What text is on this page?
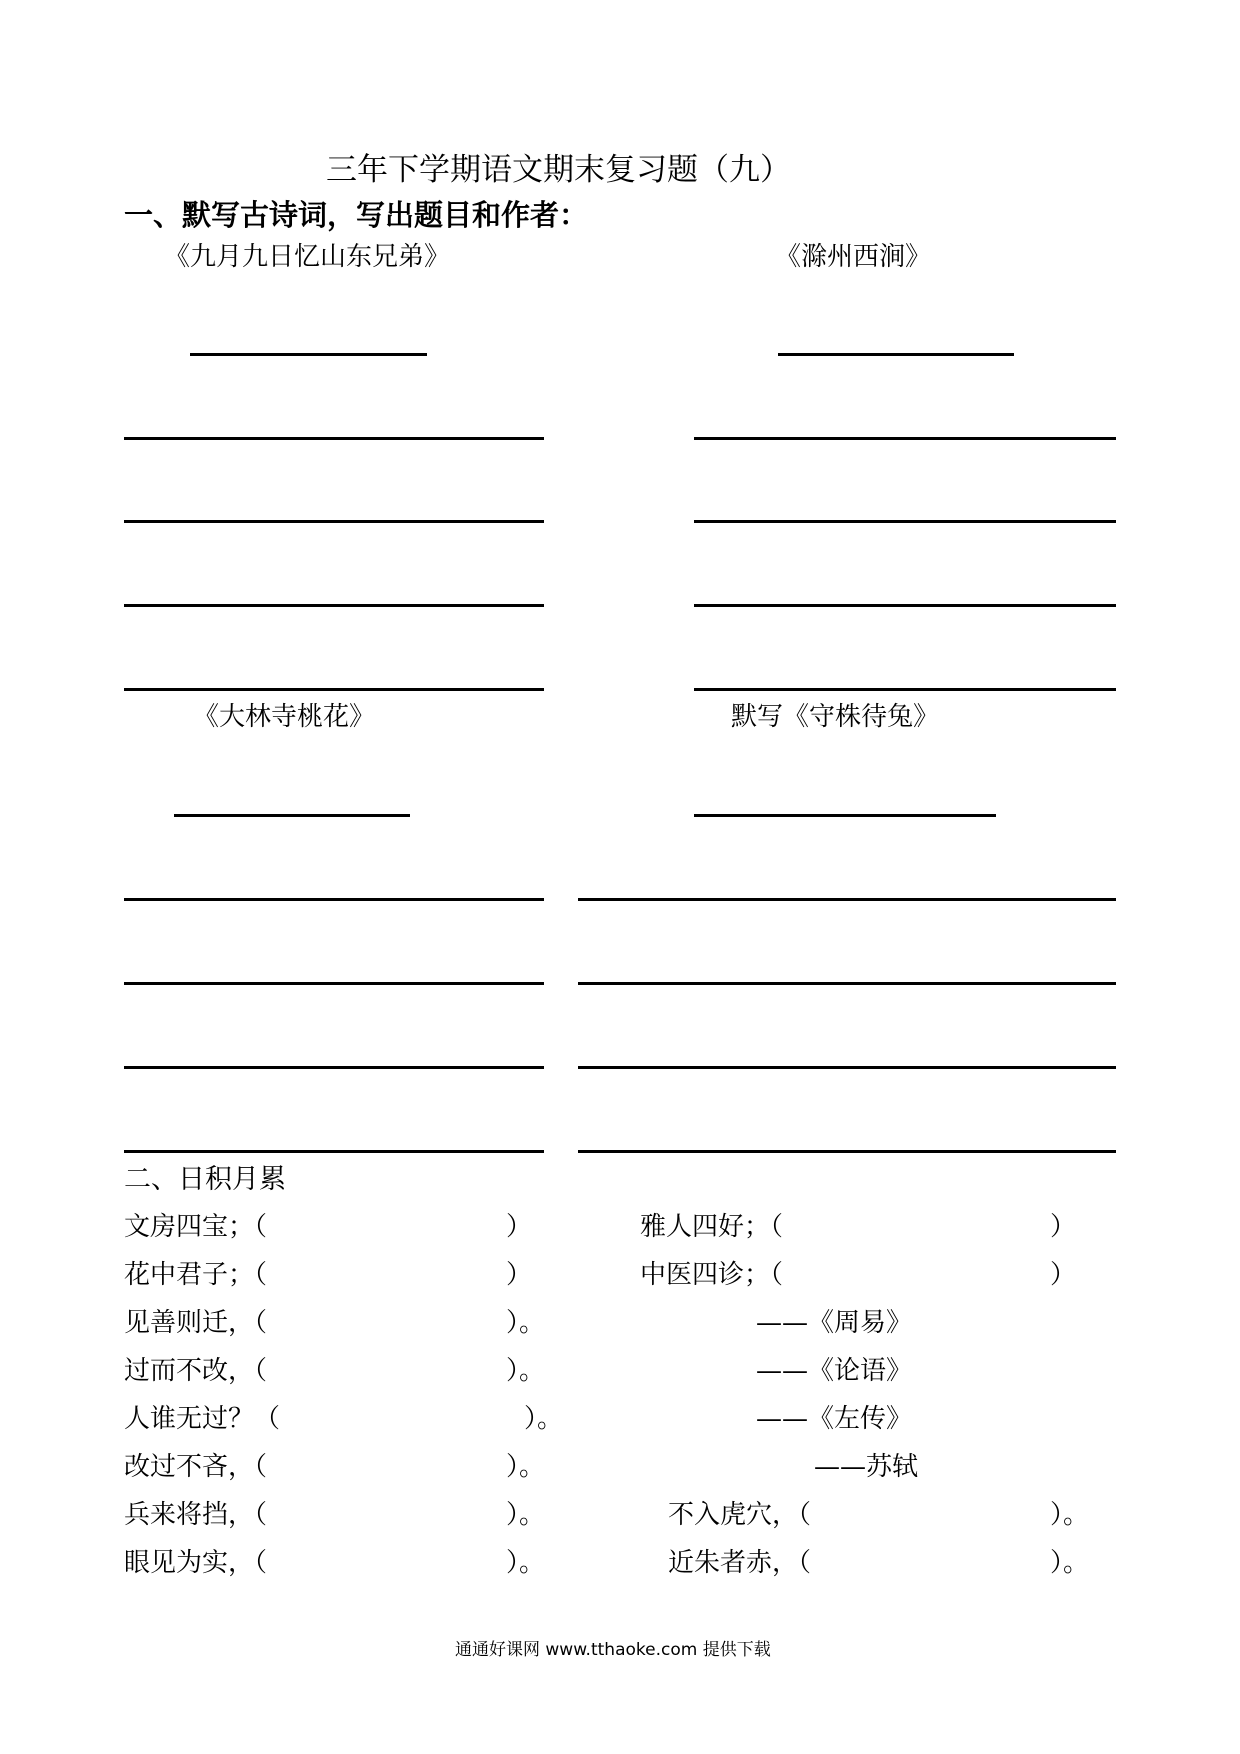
三年下学期语文期末复习题（九）
一、默写古诗词，写出题目和作者：
《九月九日忆山东兄弟》	《滁州西涧》
《大林寺桃花》	默写《守株待兔》
二、日积月累
文房四宝；（	）	雅人四好；（	）
花中君子；（	）	中医四诊；（	）
见善则迁，（	）。	——《周易》
过而不改，（	）。	——《论语》
人谁无过？（	）。	——《左传》
改过不吝，（	）。	——苏轼
兵来将挡，（	）。	不入虎穴，（	）。
眼见为实，（	）。	近朱者赤，（	）。
通通好课网 www.tthaoke.com 提供下载
